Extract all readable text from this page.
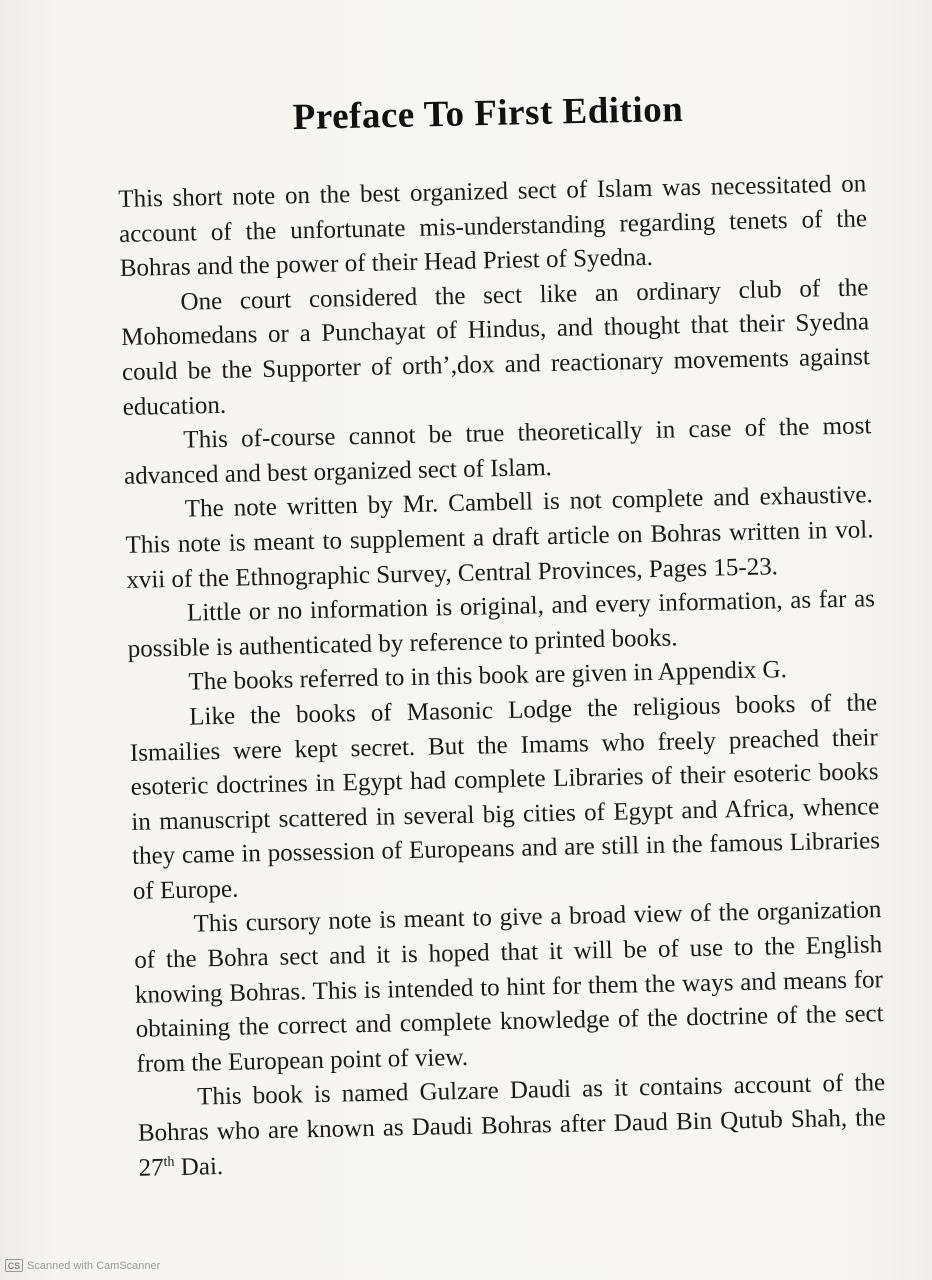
Preface To First Edition

This short note on the best organized sect of Islam was necessitated on account of the unfortunate mis-understanding regarding tenets of the Bohras and the power of their Head Priest of Syedna.

One court considered the sect like an ordinary club of the Mohomedans or a Punchayat of Hindus, and thought that their Syedna could be the Supporter of orth’,dox and reactionary movements against education.

This of-course cannot be true theoretically in case of the most advanced and best organized sect of Islam.

The note written by Mr. Cambell is not complete and exhaustive. This note is meant to supplement a draft article on Bohras written in vol. xvii of the Ethnographic Survey, Central Provinces, Pages 15-23.

Little or no information is original, and every information, as far as possible is authenticated by reference to printed books.

The books referred to in this book are given in Appendix G.

Like the books of Masonic Lodge the religious books of the Ismailies were kept secret. But the Imams who freely preached their esoteric doctrines in Egypt had complete Libraries of their esoteric books in manuscript scattered in several big cities of Egypt and Africa, whence they came in possession of Europeans and are still in the famous Libraries of Europe.

This cursory note is meant to give a broad view of the organization of the Bohra sect and it is hoped that it will be of use to the English knowing Bohras. This is intended to hint for them the ways and means for obtaining the correct and complete knowledge of the doctrine of the sect from the European point of view.

This book is named Gulzare Daudi as it contains account of the Bohras who are known as Daudi Bohras after Daud Bin Qutub Shah, the 27th Dai.

CS Scanned with CamScanner
